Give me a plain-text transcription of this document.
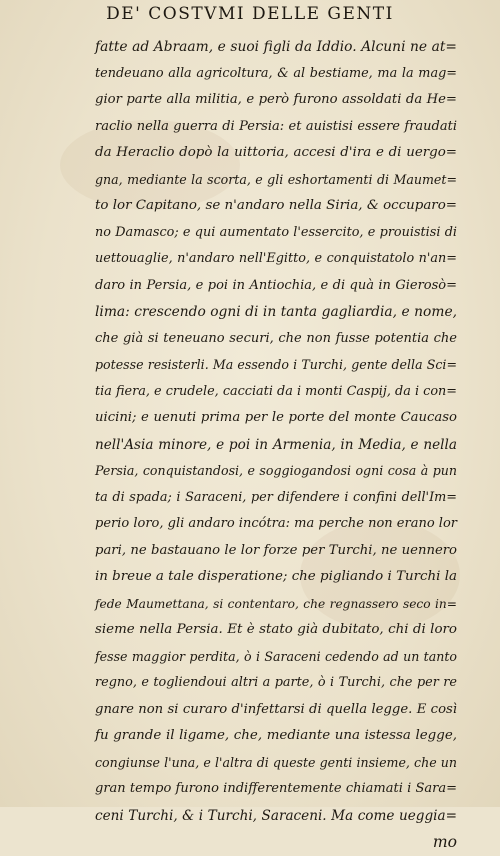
DE' COSTVMI DELLE GENTI
fatte ad Abraam, e suoi figli da Iddio. Alcuni ne at=
tendeuano alla agricoltura, & al bestiame, ma la mag=
gior parte alla militia, e però furono assoldati da He=
raclio nella guerra di Persia: et auistisi essere fraudati
da Heraclio dopò la uittoria, accesi d'ira e di uergo=
gna, mediante la scorta, e gli eshortamenti di Maumet=
to lor Capitano, se n'andaro nella Siria, & occuparo=
no Damasco; e qui aumentato l'essercito, e prouistisi di
uettouaglie, n'andaro nell'Egitto, e conquistatolo n'an=
daro in Persia, e poi in Antiochia, e di quà in Gierosò=
lima: crescendo ogni di in tanta gagliardia, e nome,
che già si teneuano securi, che non fusse potentia che
potesse resisterli. Ma essendo i Turchi, gente della Sci=
tia fiera, e crudele, cacciati da i monti Caspij, da i con=
uicini; e uenuti prima per le porte del monte Caucaso
nell'Asia minore, e poi in Armenia, in Media, e nella
Persia, conquistandosi, e soggiogandosi ogni cosa à pun
ta di spada; i Saraceni, per difendere i confini dell'Im=
perio loro, gli andaro incótra: ma perche non erano lor
pari, ne bastauano le lor forze per Turchi, ne uennero
in breue a tale disperatione; che pigliando i Turchi la
fede Maumettana, si contentaro, che regnassero seco in=
sieme nella Persia. Et è stato già dubitato, chi di loro
fesse maggior perdita, ò i Saraceni cedendo ad un tanto
regno, e togliendoui altri a parte, ò i Turchi, che per re
gnare non si curaro d'infettarsi di quella legge. E così
fu grande il ligame, che, mediante una istessa legge,
congiunse l'una, e l'altra di queste genti insieme, che un
gran tempo furono indifferentemente chiamati i Sara=
ceni Turchi, & i Turchi, Saraceni. Ma come ueggia=
mo
